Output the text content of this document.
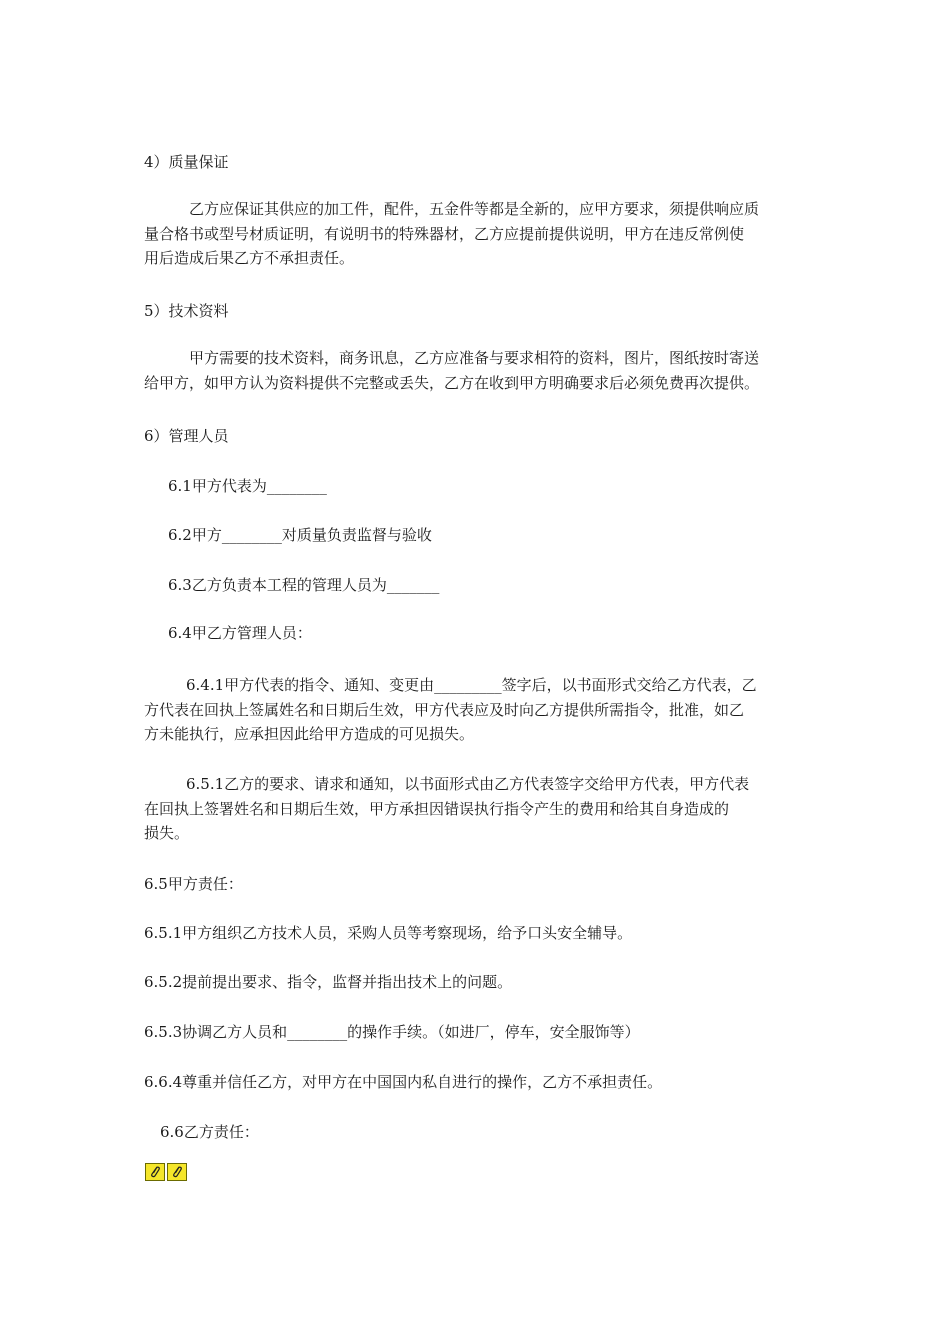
4）质量保证
　　　乙方应保证其供应的加工件，配件，五金件等都是全新的，应甲方要求，须提供响应质
量合格书或型号材质证明，有说明书的特殊器材，乙方应提前提供说明，甲方在违反常例使
用后造成后果乙方不承担责任。
5）技术资料
　　　甲方需要的技术资料，商务讯息，乙方应准备与要求相符的资料，图片，图纸按时寄送
给甲方，如甲方认为资料提供不完整或丢失，乙方在收到甲方明确要求后必须免费再次提供。
6）管理人员
6.1甲方代表为________
6.2甲方________对质量负责监督与验收
6.3乙方负责本工程的管理人员为_______
6.4甲乙方管理人员：
6.4.1甲方代表的指令、通知、变更由_________签字后，以书面形式交给乙方代表，乙
方代表在回执上签属姓名和日期后生效，甲方代表应及时向乙方提供所需指令，批准，如乙
方未能执行，应承担因此给甲方造成的可见损失。
6.5.1乙方的要求、请求和通知，以书面形式由乙方代表签字交给甲方代表，甲方代表
在回执上签署姓名和日期后生效，甲方承担因错误执行指令产生的费用和给其自身造成的
损失。
6.5甲方责任：
6.5.1甲方组织乙方技术人员，采购人员等考察现场，给予口头安全辅导。
6.5.2提前提出要求、指令，监督并指出技术上的问题。
6.5.3协调乙方人员和________的操作手续。（如进厂，停车，安全服饰等）
6.6.4尊重并信任乙方，对甲方在中国国内私自进行的操作，乙方不承担责任。
6.6乙方责任：
